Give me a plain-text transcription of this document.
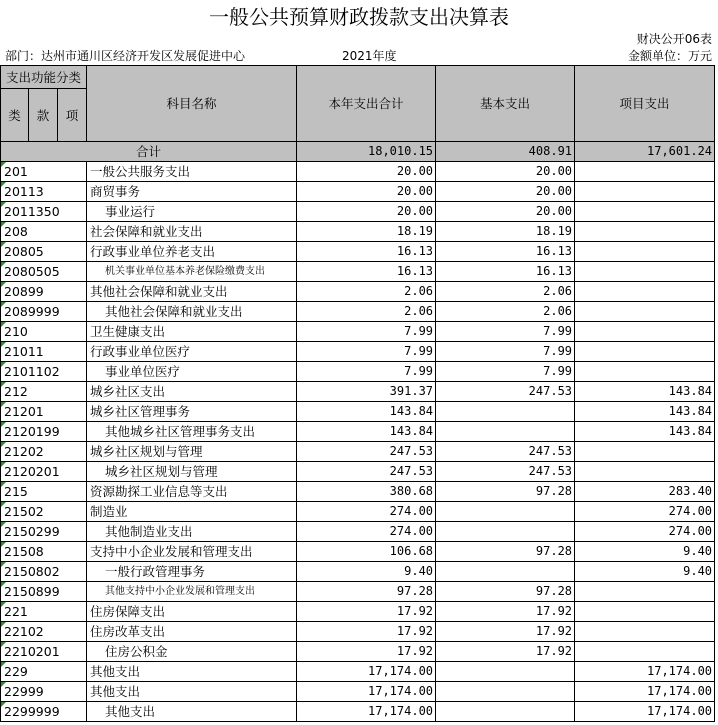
一般公共预算财政拨款支出决算表
财决公开06表
部门：达州市通川区经济开发区发展促进中心	2021年度	金额单位：万元
支出功能分类			科目名称	本年支出合计	基本支出	项目支出
类	款	项				
合计				18,010.15	408.91	17,601.24
201			一般公共服务支出	20.00	20.00	
20113			商贸事务	20.00	20.00	
2011350			事业运行	20.00	20.00	
208			社会保障和就业支出	18.19	18.19	
20805			行政事业单位养老支出	16.13	16.13	
2080505			机关事业单位基本养老保险缴费支出	16.13	16.13	
20899			其他社会保障和就业支出	2.06	2.06	
2089999			其他社会保障和就业支出	2.06	2.06	
210			卫生健康支出	7.99	7.99	
21011			行政事业单位医疗	7.99	7.99	
2101102			事业单位医疗	7.99	7.99	
212			城乡社区支出	391.37	247.53	143.84
21201			城乡社区管理事务	143.84		143.84
2120199			其他城乡社区管理事务支出	143.84		143.84
21202			城乡社区规划与管理	247.53	247.53	
2120201			城乡社区规划与管理	247.53	247.53	
215			资源勘探工业信息等支出	380.68	97.28	283.40
21502			制造业	274.00		274.00
2150299			其他制造业支出	274.00		274.00
21508			支持中小企业发展和管理支出	106.68	97.28	9.40
2150802			一般行政管理事务	9.40		9.40
2150899			其他支持中小企业发展和管理支出	97.28	97.28	
221			住房保障支出	17.92	17.92	
22102			住房改革支出	17.92	17.92	
2210201			住房公积金	17.92	17.92	
229			其他支出	17,174.00		17,174.00
22999			其他支出	17,174.00		17,174.00
2299999			其他支出	17,174.00		17,174.00
